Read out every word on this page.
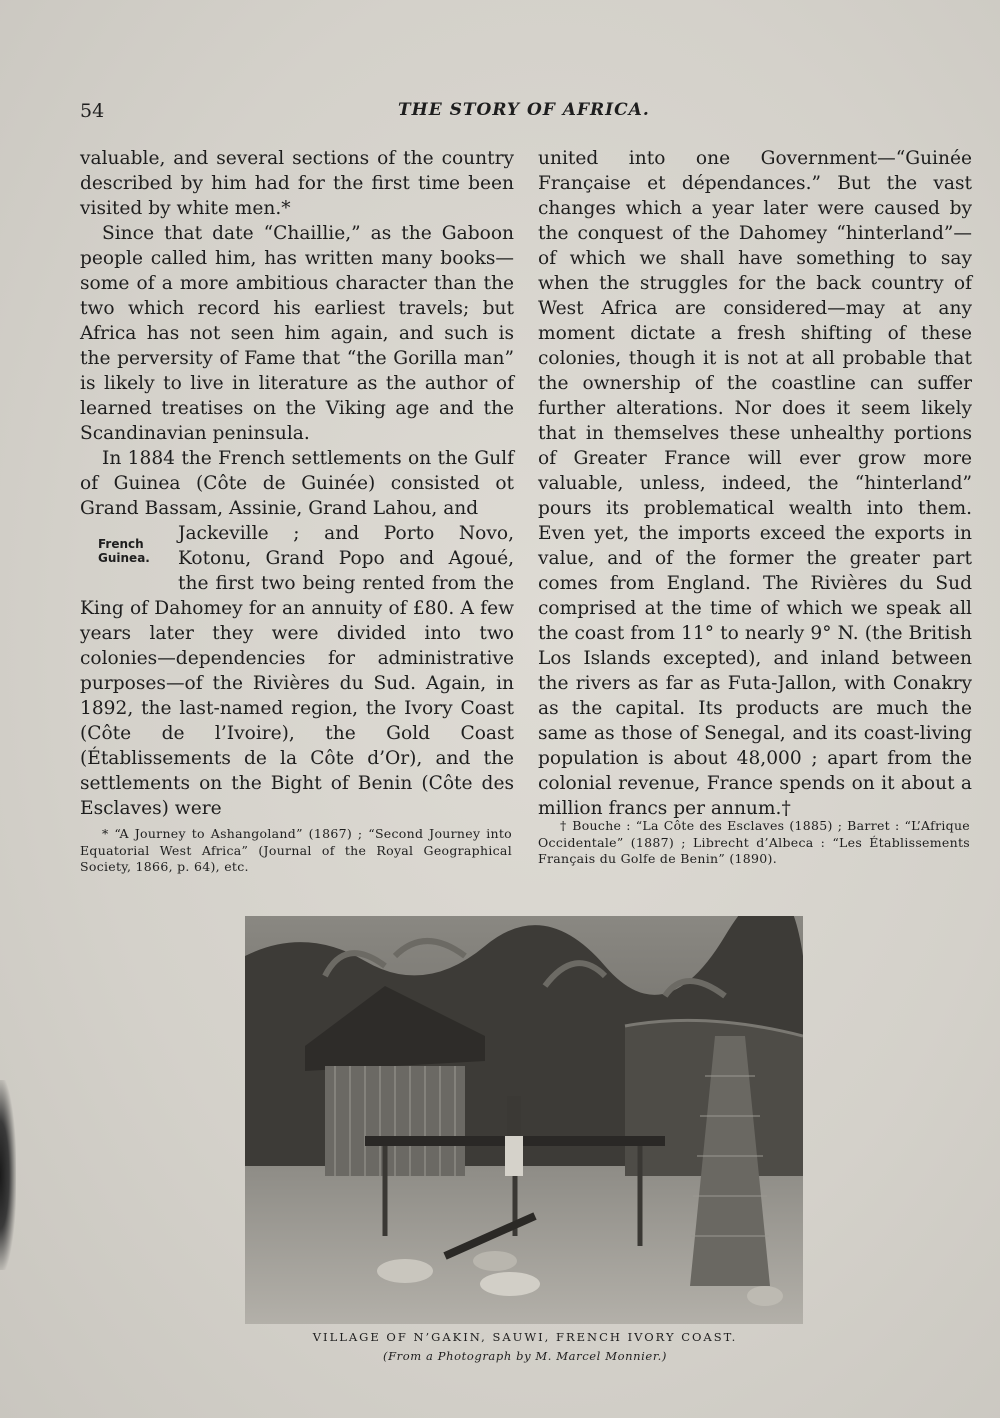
54	THE STORY OF AFRICA.

valuable, and several sections of the country described by him had for the first time been visited by white men.*

Since that date “Chaillie,” as the Gaboon people called him, has written many books—some of a more ambitious character than the two which record his earliest travels; but Africa has not seen him again, and such is the perversity of Fame that “the Gorilla man” is likely to live in literature as the author of learned treatises on the Viking age and the Scandinavian peninsula.

In 1884 the French settlements on the Gulf of Guinea (Côte de Guinée) consisted ot Grand Bassam, Assinie, Grand Lahou, and

French
Guinea.

Jackeville ; and Porto Novo, Kotonu, Grand Popo and Agoué, the first two being rented from the King of Dahomey for an annuity of £80. A few years later they were divided into two colonies—dependencies for administrative purposes—of the Rivières du Sud. Again, in 1892, the last-named region, the Ivory Coast (Côte de l’Ivoire), the Gold Coast (Établissements de la Côte d’Or), and the settlements on the Bight of Benin (Côte des Esclaves) were

united into one Government—“Guinée Française et dépendances.” But the vast changes which a year later were caused by the conquest of the Dahomey “hinterland”—of which we shall have something to say when the struggles for the back country of West Africa are considered—may at any moment dictate a fresh shifting of these colonies, though it is not at all probable that the ownership of the coastline can suffer further alterations. Nor does it seem likely that in themselves these unhealthy portions of Greater France will ever grow more valuable, unless, indeed, the “hinterland” pours its problematical wealth into them. Even yet, the imports exceed the exports in value, and of the former the greater part comes from England. The Rivières du Sud comprised at the time of which we speak all the coast from 11° to nearly 9° N. (the British Los Islands excepted), and inland between the rivers as far as Futa-Jallon, with Conakry as the capital. Its products are much the same as those of Senegal, and its coast-living population is about 48,000 ; apart from the colonial revenue, France spends on it about a million francs per annum.†

* “A Journey to Ashangoland” (1867) ; “Second Journey into Equatorial West Africa” (Journal of the Royal Geographical Society, 1866, p. 64), etc.
† Bouche : “La Côte des Esclaves (1885) ; Barret : “L’Afrique Occidentale” (1887) ; Librecht d’Albeca : “Les Établissements Français du Golfe de Benin” (1890).
VILLAGE OF N’GAKIN, SAUWI, FRENCH IVORY COAST.
(From a Photograph by M. Marcel Monnier.)
